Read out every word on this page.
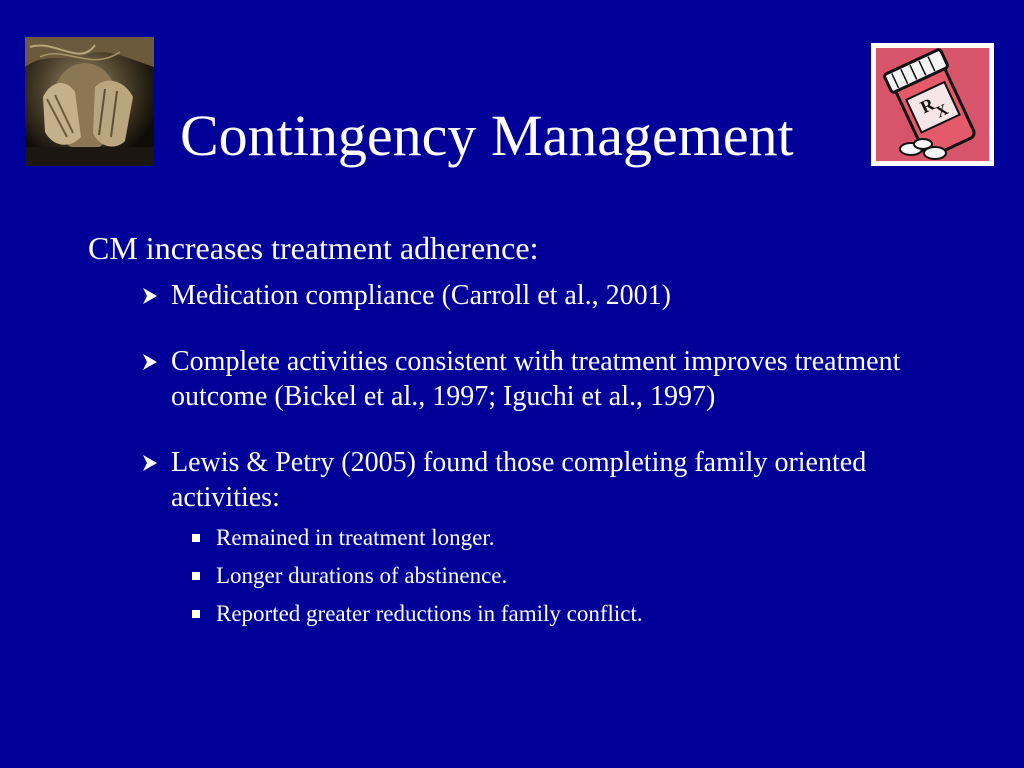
Contingency Management	R
X

CM increases treatment adherence:

Medication compliance (Carroll et al., 2001)
Complete activities consistent with treatment improves treatment outcome (Bickel et al., 1997; Iguchi et al., 1997)
Lewis & Petry (2005) found those completing family oriented activities:
Remained in treatment longer.
Longer durations of abstinence.
Reported greater reductions in family conflict.
